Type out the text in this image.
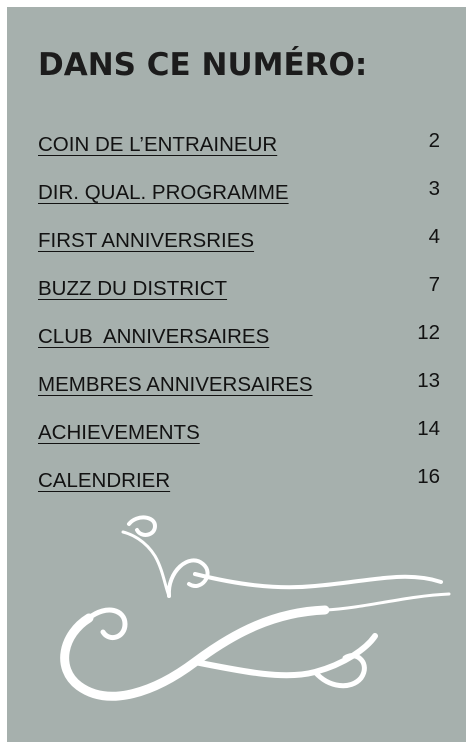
DANS CE NUMÉRO:
COIN DE L’ENTRAINEUR	2
DIR. QUAL. PROGRAMME	3
FIRST ANNIVERSRIES	4
BUZZ DU DISTRICT	7
CLUB  ANNIVERSAIRES	12
MEMBRES ANNIVERSAIRES	13
ACHIEVEMENTS	14
CALENDRIER	16
